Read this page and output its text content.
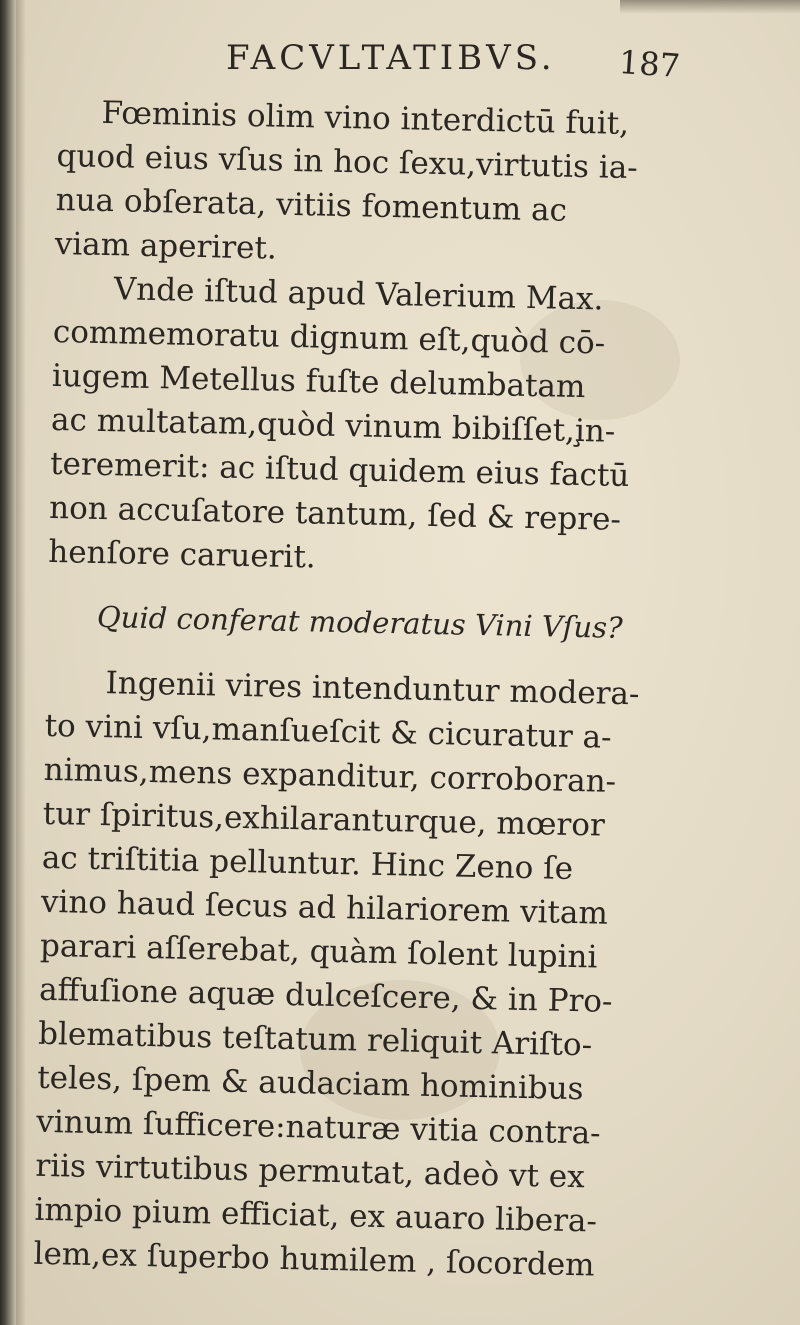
FACVLTATIBVS. 187
Fœminis olim vino interdictū fuit,
quod eius vſus in hoc ſexu,virtutis ia-
nua obſerata, vitiis fomentum ac
viam aperiret.
Vnde iſtud apud Valerium Max.
commemoratu dignum eſt,quòd cō-
iugem Metellus fuſte delumbatam
ac multatam,quòd vinum bibiſſet,i̧n-
teremerit: ac iſtud quidem eius factū
non accuſatore tantum, ſed & repre-
henſore caruerit.
Quid conferat moderatus Vini Vſus?
Ingenii vires intenduntur modera-
to vini vſu,manſueſcit & cicuratur a-
nimus,mens expanditur, corroboran-
tur ſpiritus,exhilaranturque, mœror
ac triſtitia pelluntur. Hinc Zeno ſe
vino haud ſecus ad hilariorem vitam
parari aſſerebat, quàm ſolent lupini
affuſione aquæ dulceſcere, & in Pro-
blematibus teſtatum reliquit Ariſto-
teles, ſpem & audaciam hominibus
vinum ſufficere:naturæ vitia contra-
riis virtutibus permutat, adeò vt ex
impio pium efficiat, ex auaro libera-
lem,ex ſuperbo humilem , ſocordem
